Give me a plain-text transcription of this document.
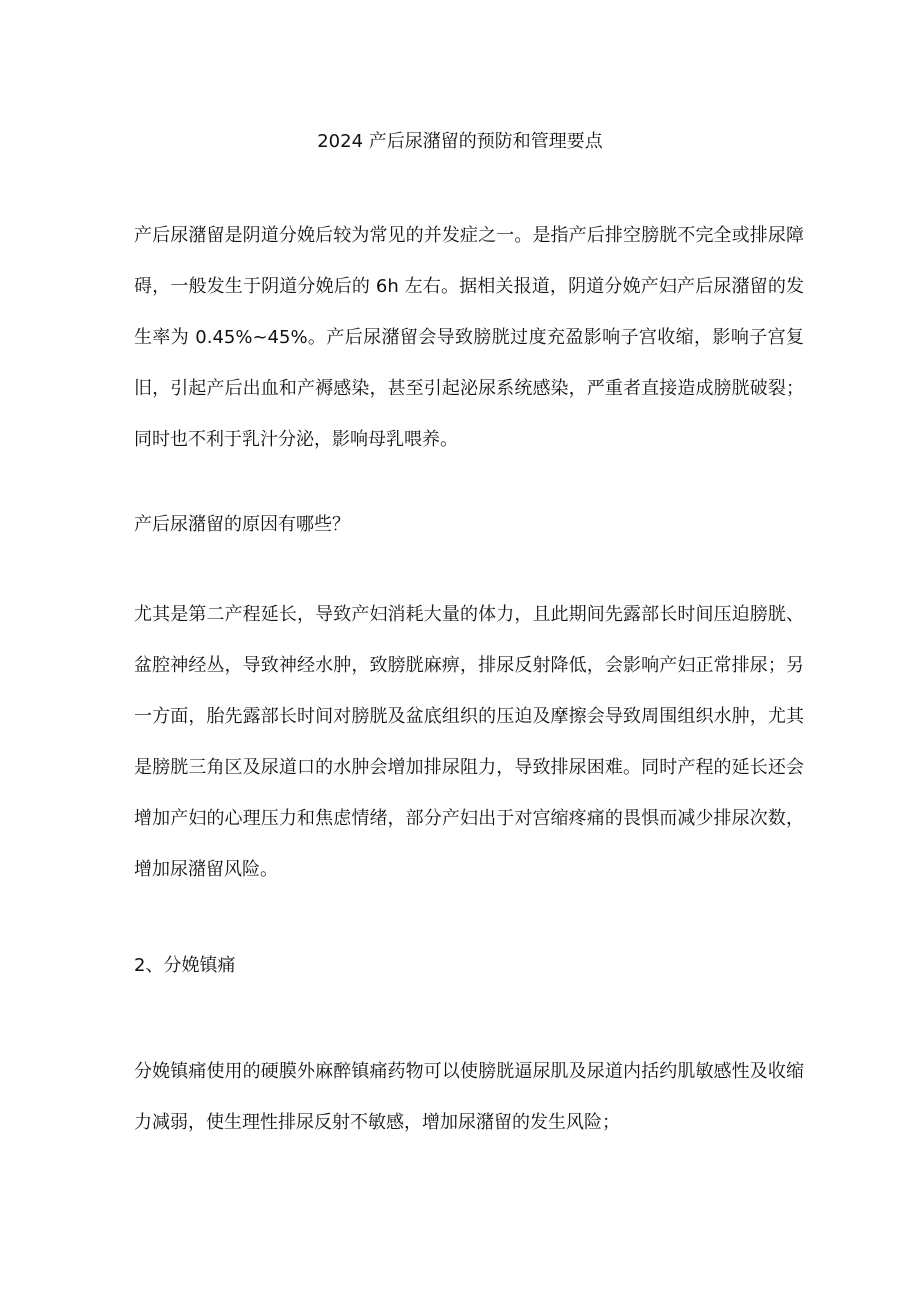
2024 产后尿潴留的预防和管理要点

产后尿潴留是阴道分娩后较为常见的并发症之一。是指产后排空膀胱不完全或排尿障碍，一般发生于阴道分娩后的 6h 左右。据相关报道，阴道分娩产妇产后尿潴留的发生率为 0.45%~45%。产后尿潴留会导致膀胱过度充盈影响子宫收缩，影响子宫复旧，引起产后出血和产褥感染，甚至引起泌尿系统感染，严重者直接造成膀胱破裂；同时也不利于乳汁分泌，影响母乳喂养。

产后尿潴留的原因有哪些？

尤其是第二产程延长，导致产妇消耗大量的体力，且此期间先露部长时间压迫膀胱、盆腔神经丛，导致神经水肿，致膀胱麻痹，排尿反射降低，会影响产妇正常排尿；另一方面，胎先露部长时间对膀胱及盆底组织的压迫及摩擦会导致周围组织水肿，尤其是膀胱三角区及尿道口的水肿会增加排尿阻力，导致排尿困难。同时产程的延长还会增加产妇的心理压力和焦虑情绪，部分产妇出于对宫缩疼痛的畏惧而减少排尿次数，增加尿潴留风险。

2、分娩镇痛

分娩镇痛使用的硬膜外麻醉镇痛药物可以使膀胱逼尿肌及尿道内括约肌敏感性及收缩力减弱，使生理性排尿反射不敏感，增加尿潴留的发生风险；
